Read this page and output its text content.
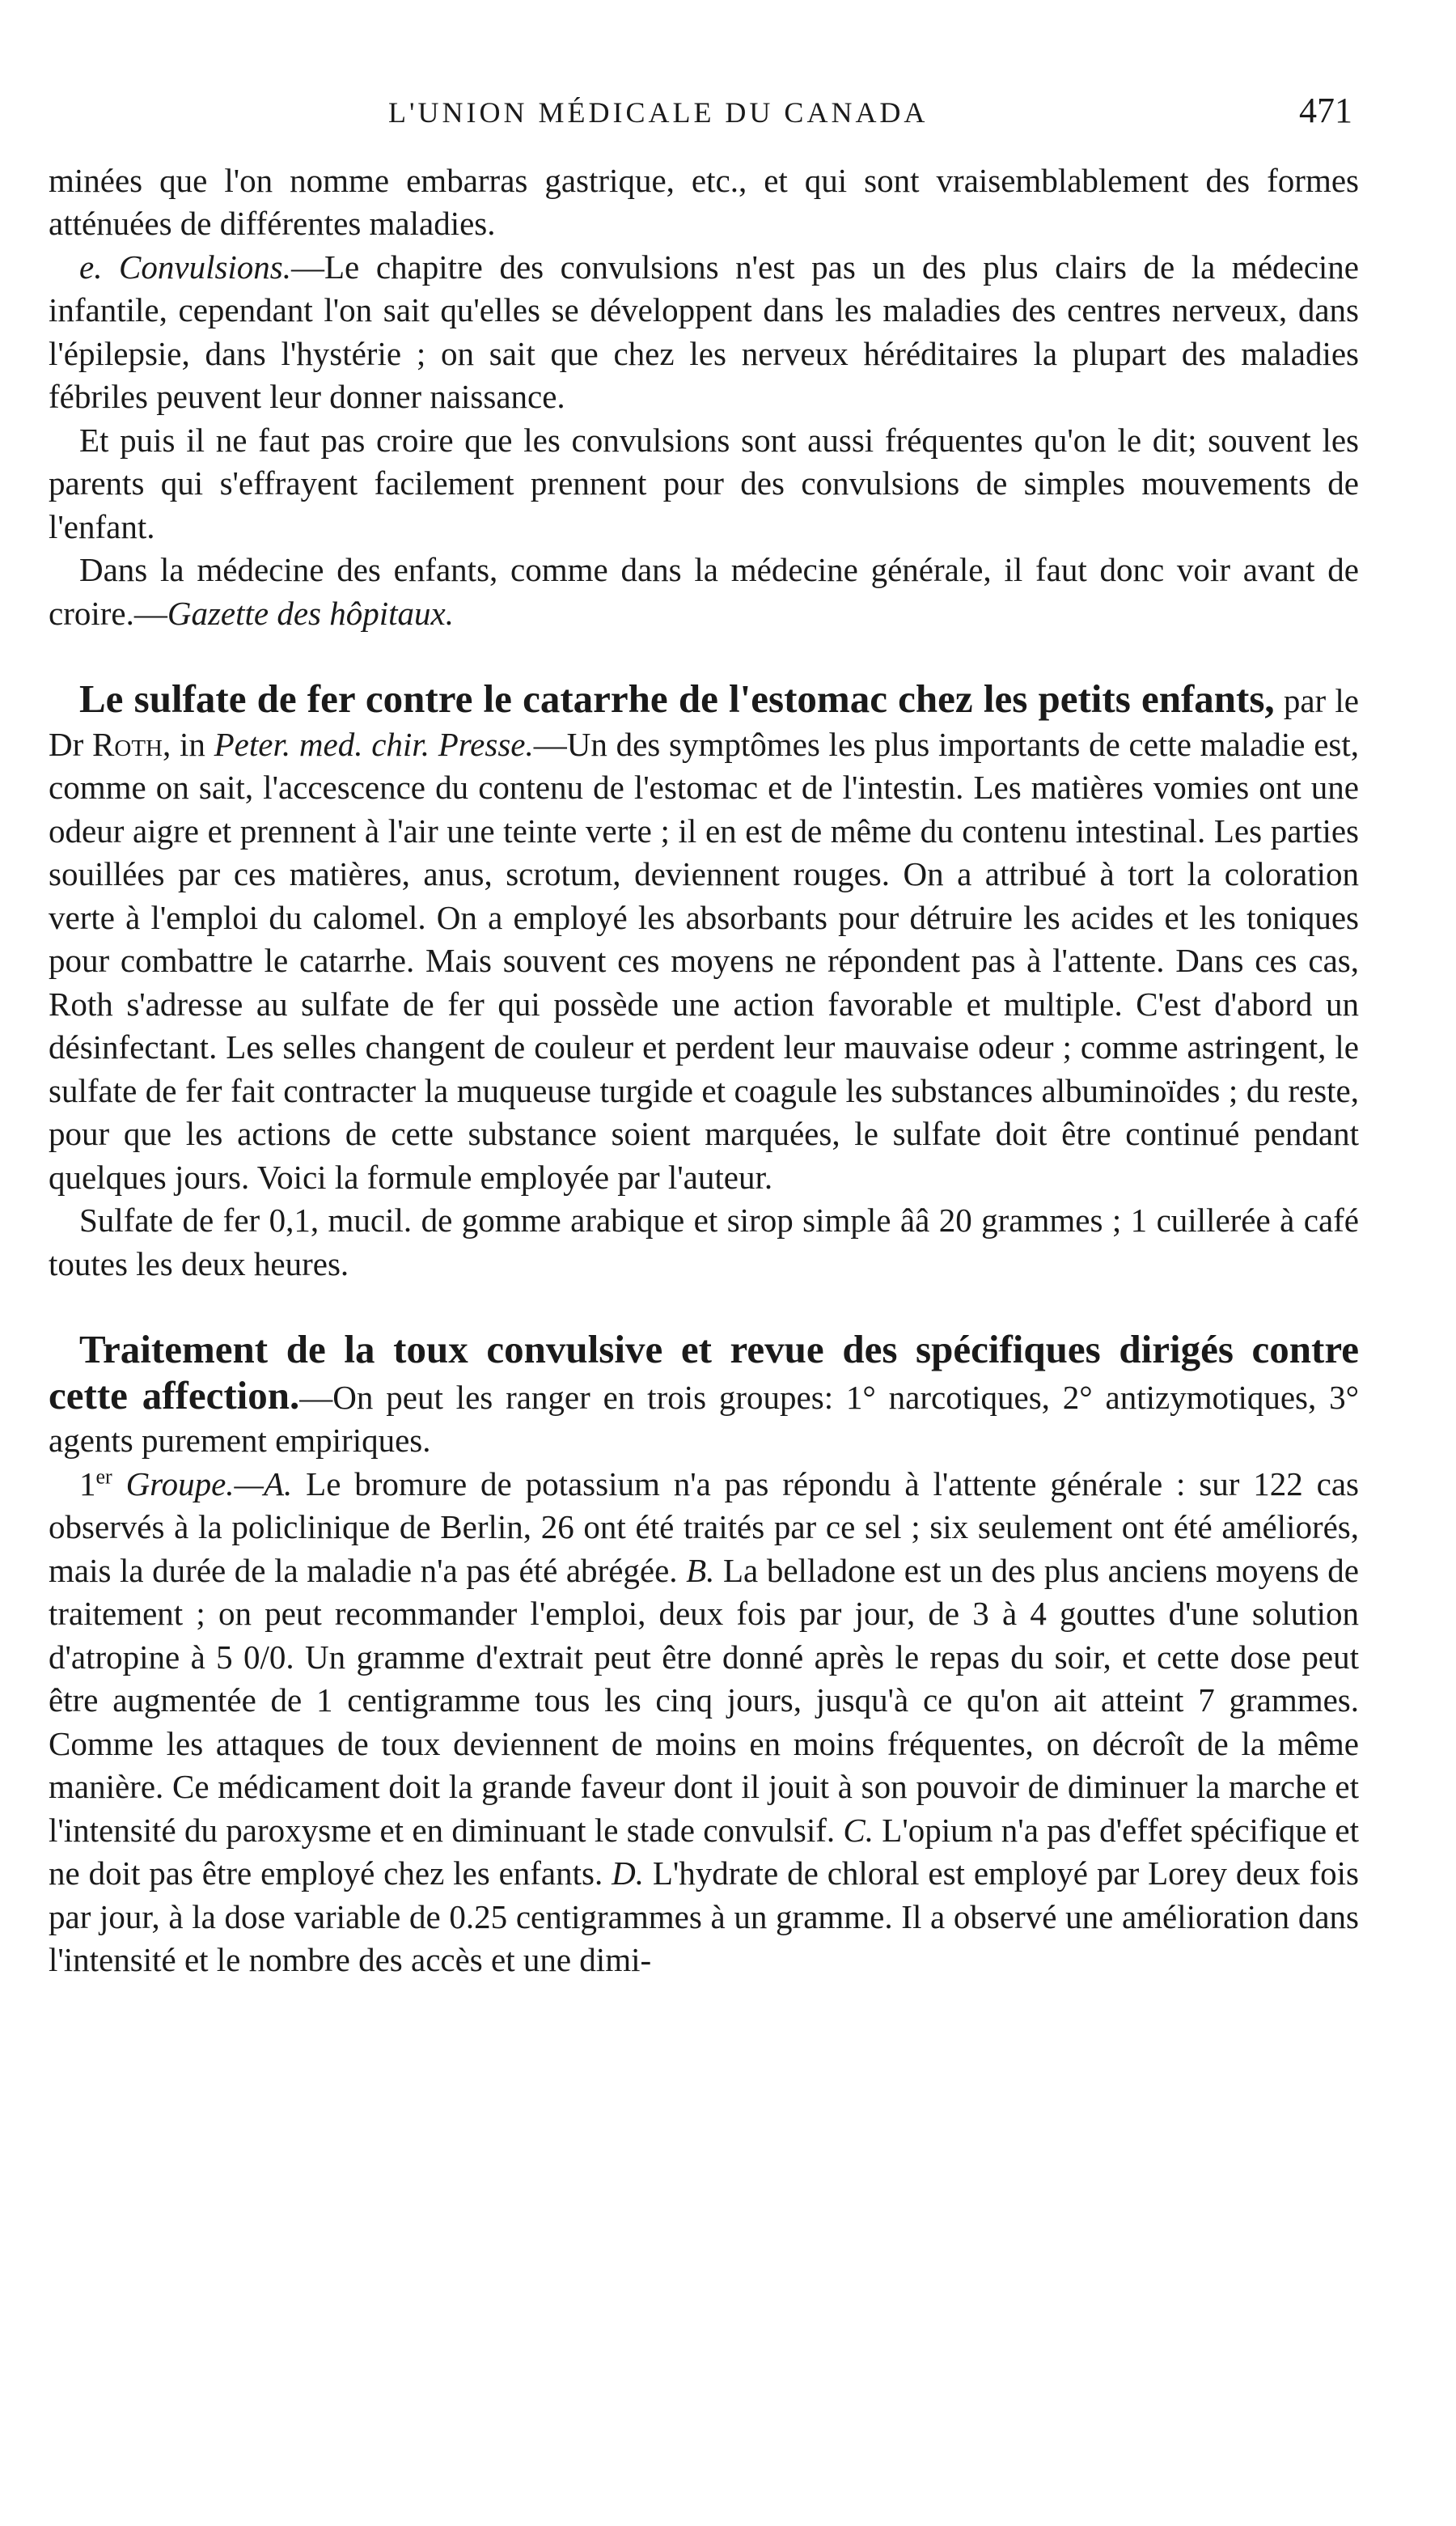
L'UNION MÉDICALE DU CANADA	471

minées que l'on nomme embarras gastrique, etc., et qui sont vraisemblablement des formes atténuées de différentes maladies.

e. Convulsions.—Le chapitre des convulsions n'est pas un des plus clairs de la médecine infantile, cependant l'on sait qu'elles se développent dans les maladies des centres nerveux, dans l'épilepsie, dans l'hystérie ; on sait que chez les nerveux héréditaires la plupart des maladies fébriles peuvent leur donner naissance.

Et puis il ne faut pas croire que les convulsions sont aussi fréquentes qu'on le dit; souvent les parents qui s'effrayent facilement prennent pour des convulsions de simples mouvements de l'enfant.

Dans la médecine des enfants, comme dans la médecine générale, il faut donc voir avant de croire.—Gazette des hôpitaux.

Le sulfate de fer contre le catarrhe de l'estomac chez les petits enfants, par le Dr Roth, in Peter. med. chir. Presse.—Un des symptômes les plus importants de cette maladie est, comme on sait, l'accescence du contenu de l'estomac et de l'intestin. Les matières vomies ont une odeur aigre et prennent à l'air une teinte verte ; il en est de même du contenu intestinal. Les parties souillées par ces matières, anus, scrotum, deviennent rouges. On a attribué à tort la coloration verte à l'emploi du calomel. On a employé les absorbants pour détruire les acides et les toniques pour combattre le catarrhe. Mais souvent ces moyens ne répondent pas à l'attente. Dans ces cas, Roth s'adresse au sulfate de fer qui possède une action favorable et multiple. C'est d'abord un désinfectant. Les selles changent de couleur et perdent leur mauvaise odeur ; comme astringent, le sulfate de fer fait contracter la muqueuse turgide et coagule les substances albuminoïdes ; du reste, pour que les actions de cette substance soient marquées, le sulfate doit être continué pendant quelques jours. Voici la formule employée par l'auteur.

Sulfate de fer 0,1, mucil. de gomme arabique et sirop simple ââ 20 grammes ; 1 cuillerée à café toutes les deux heures.

Traitement de la toux convulsive et revue des spécifiques dirigés contre cette affection.—On peut les ranger en trois groupes: 1° narcotiques, 2° antizymotiques, 3° agents purement empiriques.

1er Groupe.—A. Le bromure de potassium n'a pas répondu à l'attente générale : sur 122 cas observés à la policlinique de Berlin, 26 ont été traités par ce sel ; six seulement ont été améliorés, mais la durée de la maladie n'a pas été abrégée. B. La belladone est un des plus anciens moyens de traitement ; on peut recommander l'emploi, deux fois par jour, de 3 à 4 gouttes d'une solution d'atropine à 5 0/0. Un gramme d'extrait peut être donné après le repas du soir, et cette dose peut être augmentée de 1 centigramme tous les cinq jours, jusqu'à ce qu'on ait atteint 7 grammes. Comme les attaques de toux deviennent de moins en moins fréquentes, on décroît de la même manière. Ce médicament doit la grande faveur dont il jouit à son pouvoir de diminuer la marche et l'intensité du paroxysme et en diminuant le stade convulsif. C. L'opium n'a pas d'effet spécifique et ne doit pas être employé chez les enfants. D. L'hydrate de chloral est employé par Lorey deux fois par jour, à la dose variable de 0.25 centigrammes à un gramme. Il a observé une amélioration dans l'intensité et le nombre des accès et une dimi-
